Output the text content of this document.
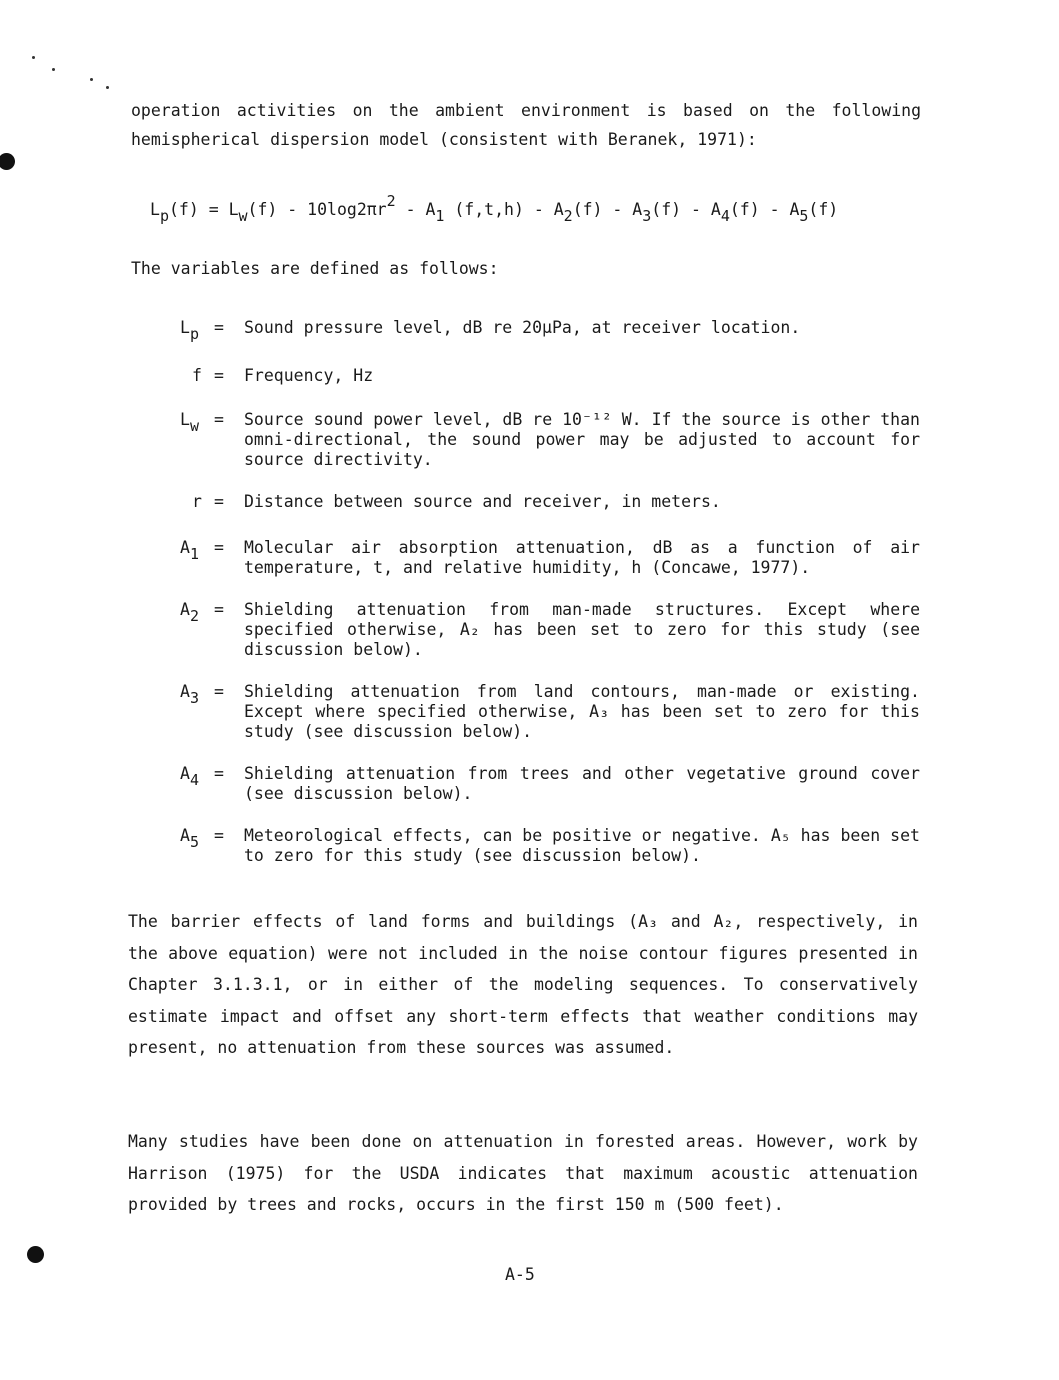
operation activities on the ambient environment is based on the following hemispherical dispersion model (consistent with Beranek, 1971):

$L_p(f) = L_w(f) - 10\log 2\pi r^2 - A_1$ $(f,t,h) - A_2(f) - A_3(f) - A_4(f) - A_5(f)$

The variables are defined as follows:

$L_p$ =	Sound pressure level, dB re 20μPa, at receiver location.
f =	Frequency, Hz
$L_w$ =	Source sound power level, dB re 10⁻¹² W. If the source is other than omni-directional, the sound power may be adjusted to account for source directivity.
r =	Distance between source and receiver, in meters.
$A_1$ =	Molecular air absorption attenuation, dB as a function of air temperature, t, and relative humidity, h (Concawe, 1977).
$A_2$ =	Shielding attenuation from man-made structures. Except where specified otherwise, A₂ has been set to zero for this study (see discussion below).
$A_3$ =	Shielding attenuation from land contours, man-made or existing. Except where specified otherwise, A₃ has been set to zero for this study (see discussion below).
$A_4$ =	Shielding attenuation from trees and other vegetative ground cover (see discussion below).
$A_5$ =	Meteorological effects, can be positive or negative. A₅ has been set to zero for this study (see discussion below).

The barrier effects of land forms and buildings (A₃ and A₂, respectively, in the above equation) were not included in the noise contour figures presented in Chapter 3.1.3.1, or in either of the modeling sequences. To conservatively estimate impact and offset any short-term effects that weather conditions may present, no attenuation from these sources was assumed.

Many studies have been done on attenuation in forested areas. However, work by Harrison (1975) for the USDA indicates that maximum acoustic attenuation provided by trees and rocks, occurs in the first 150 m (500 feet).

A-5
